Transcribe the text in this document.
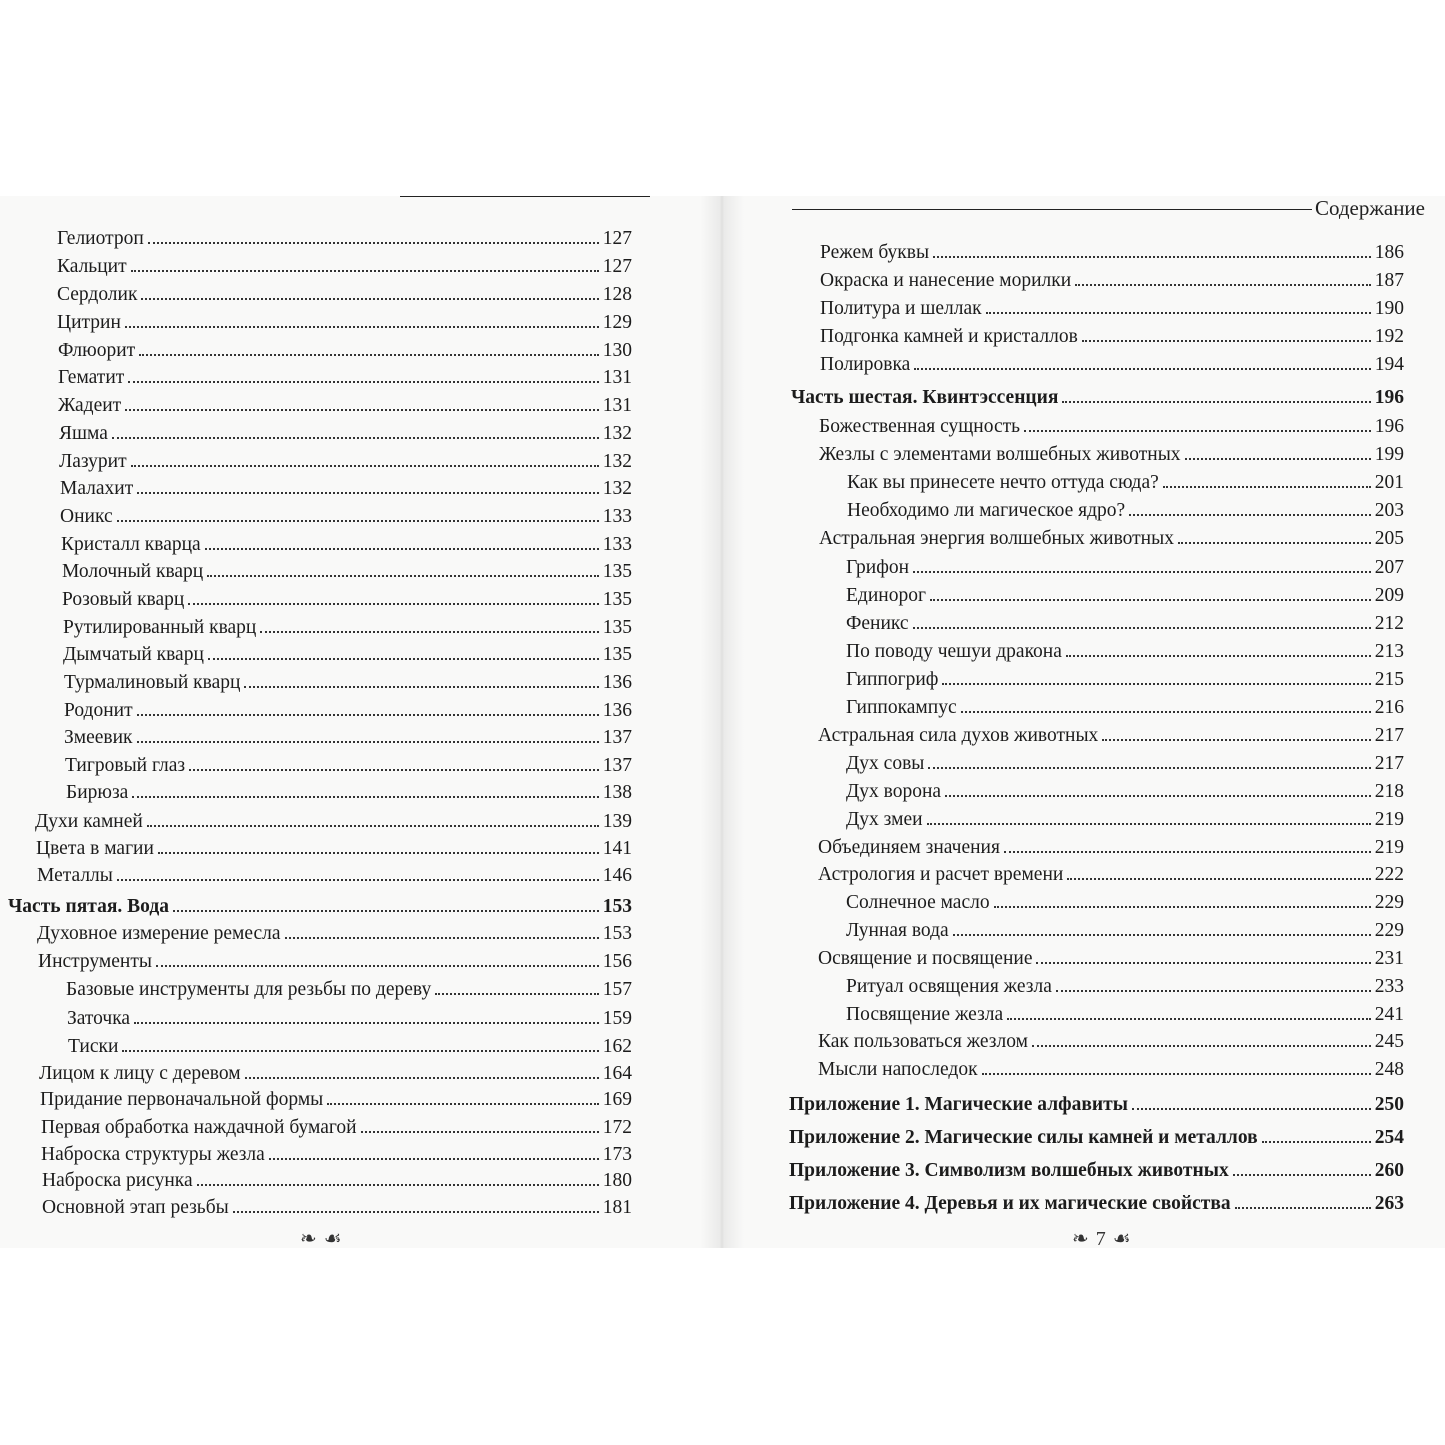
Гелиотроп	127
Кальцит	127
Сердолик	128
Цитрин	129
Флюорит	130
Гематит	131
Жадеит	131
Яшма	132
Лазурит	132
Малахит	132
Оникс	133
Кристалл кварца	133
Молочный кварц	135
Розовый кварц	135
Рутилированный кварц	135
Дымчатый кварц	135
Турмалиновый кварц	136
Родонит	136
Змеевик	137
Тигровый глаз	137
Бирюза	138
Духи камней	139
Цвета в магии	141
Металлы	146
Часть пятая. Вода	153
Духовное измерение ремесла	153
Инструменты	156
Базовые инструменты для резьбы по дереву	157
Заточка	159
Тиски	162
Лицом к лицу с деревом	164
Придание первоначальной формы	169
Первая обработка наждачной бумагой	172
Наброска структуры жезла	173
Наброска рисунка	180
Основной этап резьбы	181
❧ ☙
Содержание
Режем буквы	186
Окраска и нанесение морилки	187
Политура и шеллак	190
Подгонка камней и кристаллов	192
Полировка	194
Часть шестая. Квинтэссенция	196
Божественная сущность	196
Жезлы с элементами волшебных животных	199
Как вы принесете нечто оттуда сюда?	201
Необходимо ли магическое ядро?	203
Астральная энергия волшебных животных	205
Грифон	207
Единорог	209
Феникс	212
По поводу чешуи дракона	213
Гиппогриф	215
Гиппокампус	216
Астральная сила духов животных	217
Дух совы	217
Дух ворона	218
Дух змеи	219
Объединяем значения	219
Астрология и расчет времени	222
Солнечное масло	229
Лунная вода	229
Освящение и посвящение	231
Ритуал освящения жезла	233
Посвящение жезла	241
Как пользоваться жезлом	245
Мысли напоследок	248
Приложение 1. Магические алфавиты	250
Приложение 2. Магические силы камней и металлов	254
Приложение 3. Символизм волшебных животных	260
Приложение 4. Деревья и их магические свойства	263
❧ 7 ☙
